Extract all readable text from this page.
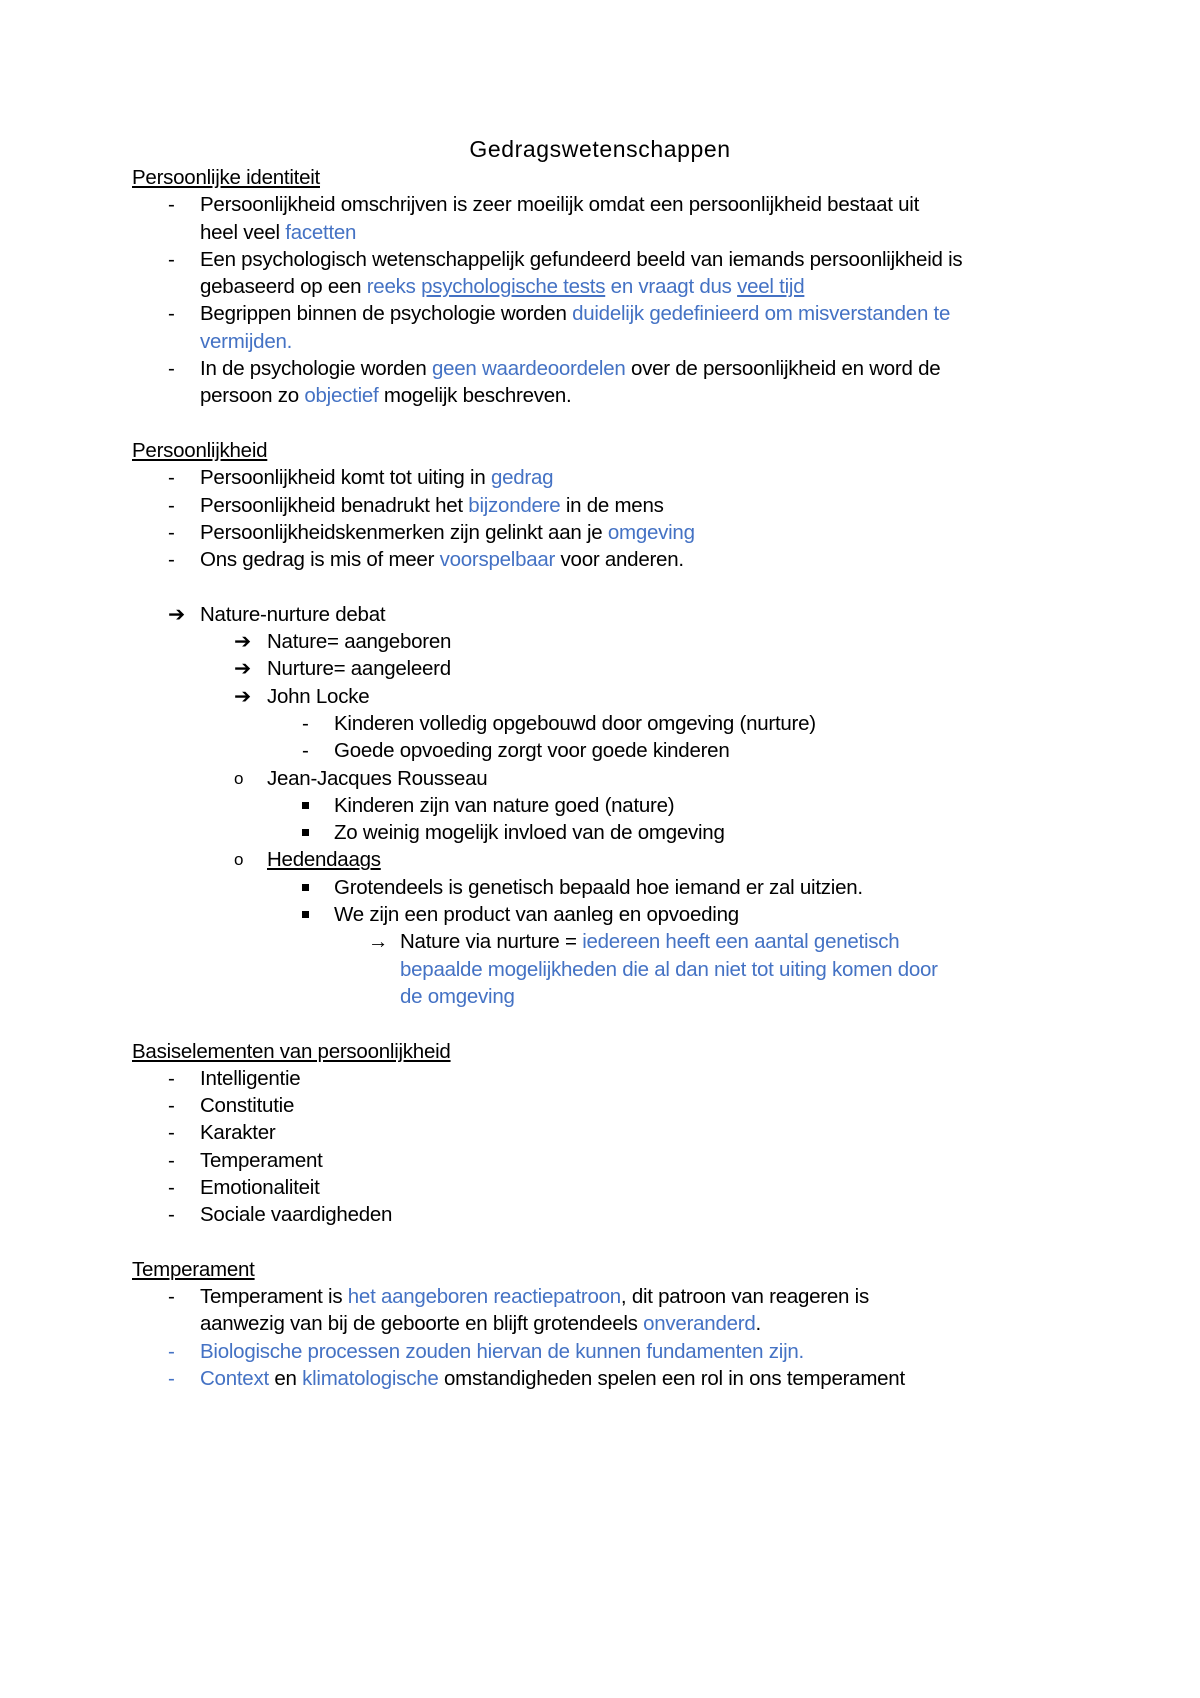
Gedragswetenschappen
Persoonlijke identiteit
- Persoonlijkheid omschrijven is zeer moeilijk omdat een persoonlijkheid bestaat uit
heel veel facetten
- Een psychologisch wetenschappelijk gefundeerd beeld van iemands persoonlijkheid is
gebaseerd op een reeks psychologische tests en vraagt dus veel tijd
- Begrippen binnen de psychologie worden duidelijk gedefinieerd om misverstanden te
vermijden.
- In de psychologie worden geen waardeoordelen over de persoonlijkheid en word de
persoon zo objectief mogelijk beschreven.
Persoonlijkheid
- Persoonlijkheid komt tot uiting in gedrag
- Persoonlijkheid benadrukt het bijzondere in de mens
- Persoonlijkheidskenmerken zijn gelinkt aan je omgeving
- Ons gedrag is mis of meer voorspelbaar voor anderen.
➔ Nature-nurture debat
➔ Nature= aangeboren
➔ Nurture= aangeleerd
➔ John Locke
- Kinderen volledig opgebouwd door omgeving (nurture)
- Goede opvoeding zorgt voor goede kinderen
o Jean-Jacques Rousseau
Kinderen zijn van nature goed (nature)
Zo weinig mogelijk invloed van de omgeving
o Hedendaags
Grotendeels is genetisch bepaald hoe iemand er zal uitzien.
We zijn een product van aanleg en opvoeding
→ Nature via nurture = iedereen heeft een aantal genetisch
bepaalde mogelijkheden die al dan niet tot uiting komen door
de omgeving
Basiselementen van persoonlijkheid
- Intelligentie
- Constitutie
- Karakter
- Temperament
- Emotionaliteit
- Sociale vaardigheden
Temperament
- Temperament is het aangeboren reactiepatroon, dit patroon van reageren is
aanwezig van bij de geboorte en blijft grotendeels onveranderd.
- Biologische processen zouden hiervan de kunnen fundamenten zijn.
- Context en klimatologische omstandigheden spelen een rol in ons temperament
